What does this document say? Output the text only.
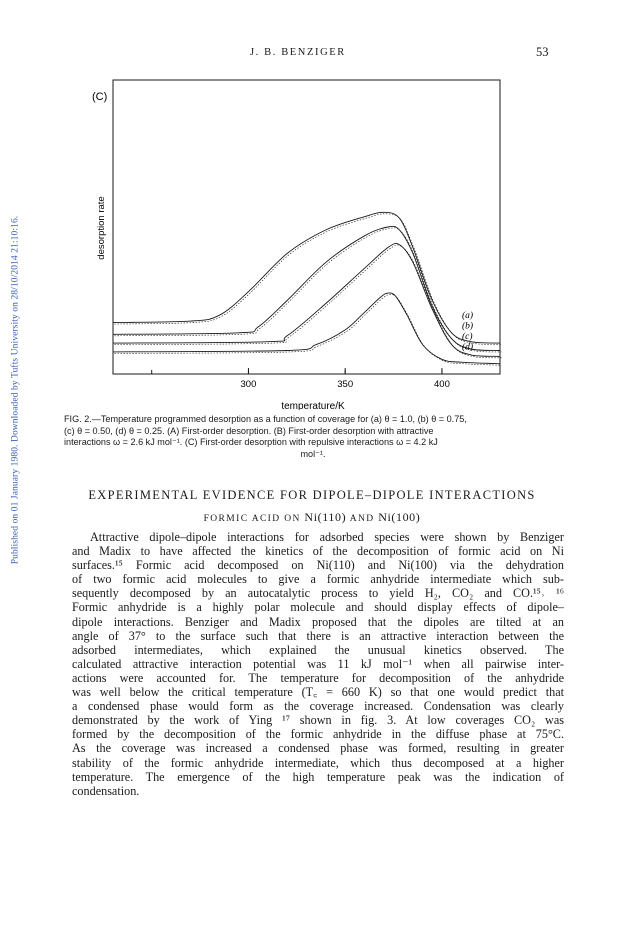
Published on 01 January 1980. Downloaded by Tufts University on 28/10/2014 21:10:16.
J. B. BENZIGER	53
(C)
desorption rate
temperature/K
300	350	400
(a)
(b)
(c)
(d)
FIG. 2.—Temperature programmed desorption as a function of coverage for (a) θ = 1.0, (b) θ = 0.75,
(c) θ = 0.50, (d) θ = 0.25. (A) First-order desorption. (B) First-order desorption with attractive
interactions ω = 2.6 kJ mol⁻¹. (C) First-order desorption with repulsive interactions ω = 4.2 kJ
mol⁻¹.
EXPERIMENTAL EVIDENCE FOR DIPOLE–DIPOLE INTERACTIONS
FORMIC ACID ON Ni(110) AND Ni(100)
Attractive dipole–dipole interactions for adsorbed species were shown by Benziger
and Madix to have affected the kinetics of the decomposition of formic acid on Ni
surfaces.¹⁵ Formic acid decomposed on Ni(110) and Ni(100) via the dehydration
of two formic acid molecules to give a formic anhydride intermediate which sub-
sequently decomposed by an autocatalytic process to yield H₂, CO₂ and CO.¹⁵˒ ¹⁶
Formic anhydride is a highly polar molecule and should display effects of dipole–
dipole interactions. Benziger and Madix proposed that the dipoles are tilted at an
angle of 37° to the surface such that there is an attractive interaction between the
adsorbed intermediates, which explained the unusual kinetics observed. The
calculated attractive interaction potential was 11 kJ mol⁻¹ when all pairwise inter-
actions were accounted for. The temperature for decomposition of the anhydride
was well below the critical temperature (T꜀ = 660 K) so that one would predict that
a condensed phase would form as the coverage increased. Condensation was clearly
demonstrated by the work of Ying ¹⁷ shown in fig. 3. At low coverages CO₂ was
formed by the decomposition of the formic anhydride in the diffuse phase at 75°C.
As the coverage was increased a condensed phase was formed, resulting in greater
stability of the formic anhydride intermediate, which thus decomposed at a higher
temperature. The emergence of the high temperature peak was the indication of
condensation.
